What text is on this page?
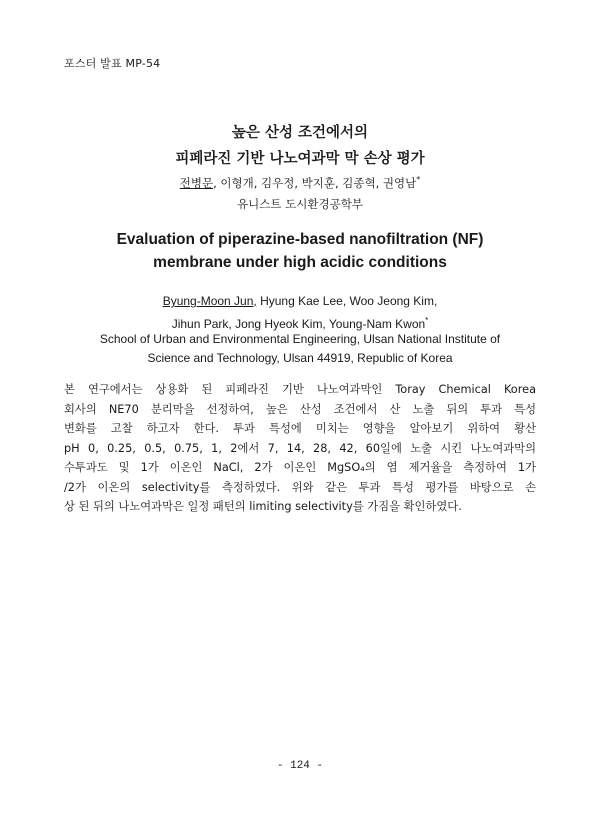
포스터 발표 MP-54
높은 산성 조건에서의
피페라진 기반 나노여과막 막 손상 평가
전병문, 이형개, 김우정, 박지훈, 김종혁, 권영남*
유니스트 도시환경공학부
Evaluation of piperazine-based nanofiltration (NF)
membrane under high acidic conditions
Byung-Moon Jun, Hyung Kae Lee, Woo Jeong Kim,
Jihun Park, Jong Hyeok Kim, Young-Nam Kwon*
School of Urban and Environmental Engineering, Ulsan National Institute of
Science and Technology, Ulsan 44919, Republic of Korea
본 연구에서는 상용화 된 피페라진 기반 나노여과막인 Toray Chemical Korea
회사의 NE70 분리막을 선정하여, 높은 산성 조건에서 산 노출 뒤의 투과 특성
변화를 고찰 하고자 한다. 투과 특성에 미치는 영향을 알아보기 위하여 황산
pH 0, 0.25, 0.5, 0.75, 1, 2에서 7, 14, 28, 42, 60일에 노출 시킨 나노여과막의
수투과도 및 1가 이온인 NaCl, 2가 이온인 MgSO₄의 염 제거율을 측정하여 1가
/2가 이온의 selectivity를 측정하였다. 위와 같은 투과 특성 평가를 바탕으로 손
상 된 뒤의 나노여과막은 일정 패턴의 limiting selectivity를 가짐을 확인하였다.
- 124 -
